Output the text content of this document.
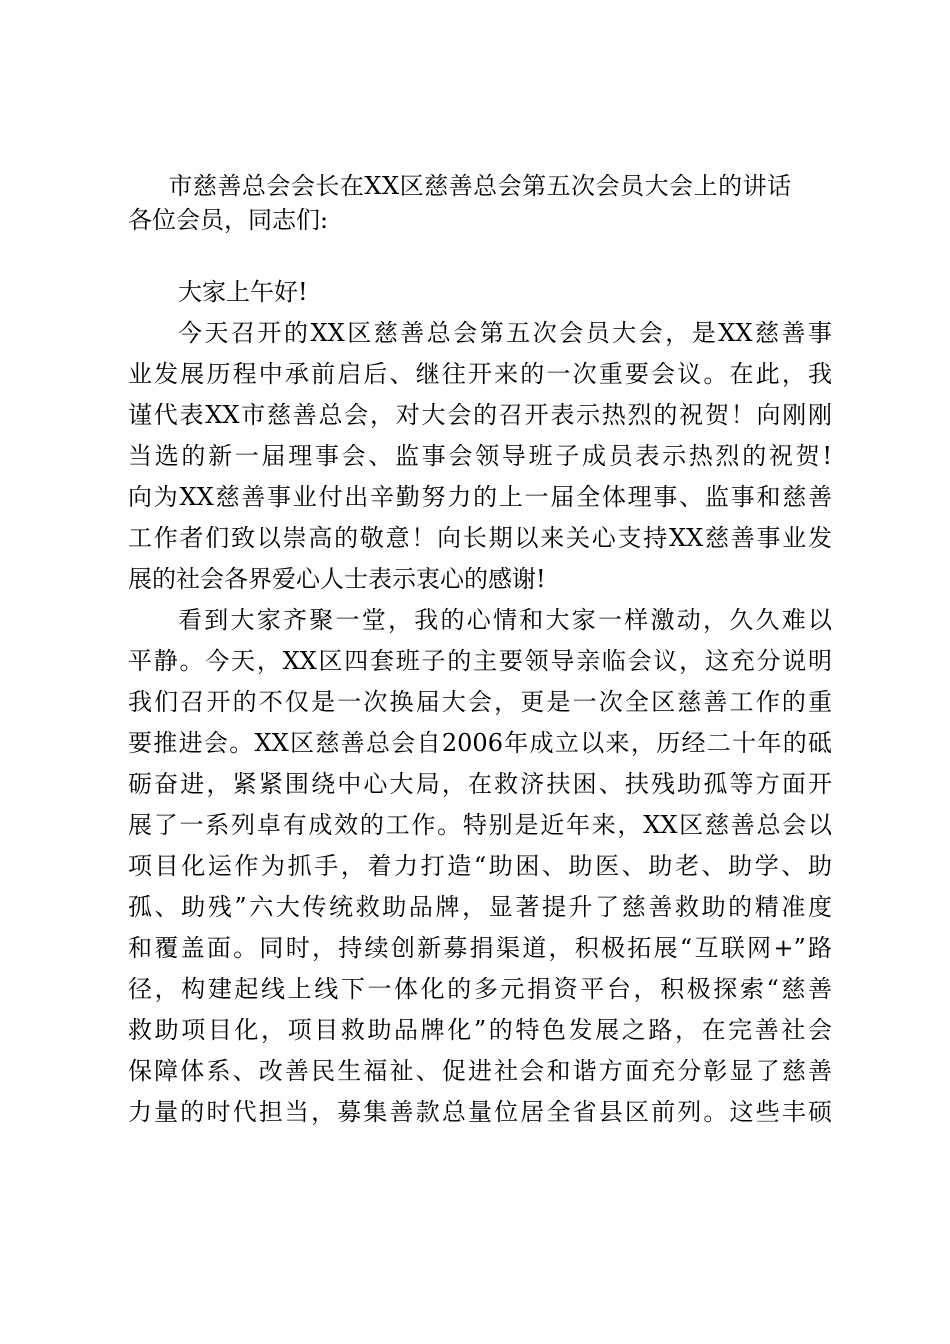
市慈善总会会长在XX区慈善总会第五次会员大会上的讲话
各位会员，同志们:
大家上午好!
今天召开的XX区慈善总会第五次会员大会，是XX慈善事
业发展历程中承前启后、继往开来的一次重要会议。在此，我
谨代表XX市慈善总会，对大会的召开表示热烈的祝贺！向刚刚
当选的新一届理事会、监事会领导班子成员表示热烈的祝贺!
向为XX慈善事业付出辛勤努力的上一届全体理事、监事和慈善
工作者们致以崇高的敬意！向长期以来关心支持XX慈善事业发
展的社会各界爱心人士表示衷心的感谢!
看到大家齐聚一堂，我的心情和大家一样激动，久久难以
平静。今天，XX区四套班子的主要领导亲临会议，这充分说明
我们召开的不仅是一次换届大会，更是一次全区慈善工作的重
要推进会。XX区慈善总会自2006年成立以来，历经二十年的砥
砺奋进，紧紧围绕中心大局，在救济扶困、扶残助孤等方面开
展了一系列卓有成效的工作。特别是近年来，XX区慈善总会以
项目化运作为抓手，着力打造“助困、助医、助老、助学、助
孤、助残”六大传统救助品牌，显著提升了慈善救助的精准度
和覆盖面。同时，持续创新募捐渠道，积极拓展“互联网+”路
径，构建起线上线下一体化的多元捐资平台，积极探索“慈善
救助项目化，项目救助品牌化”的特色发展之路，在完善社会
保障体系、改善民生福祉、促进社会和谐方面充分彰显了慈善
力量的时代担当，募集善款总量位居全省县区前列。这些丰硕
